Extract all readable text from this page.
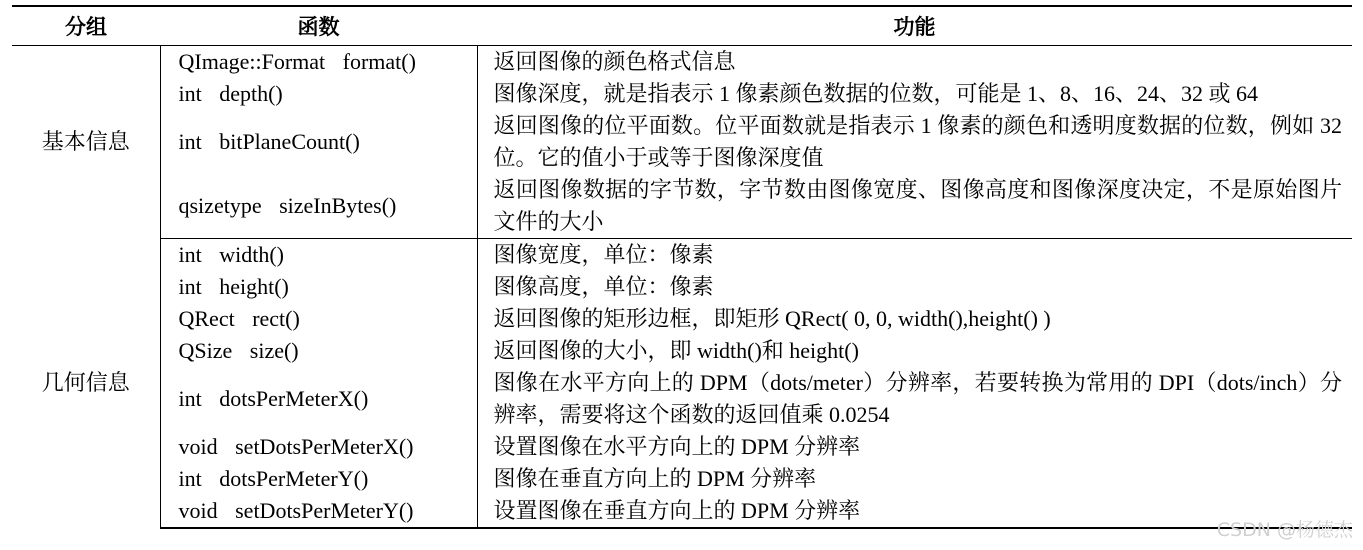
分组	函数	功能
基本信息	QImage::Format format()	返回图像的颜色格式信息
	int depth()	图像深度，就是指表示 1 像素颜色数据的位数，可能是 1、8、16、24、32 或 64
	int bitPlaneCount()	返回图像的位平面数。位平面数就是指表示 1 像素的颜色和透明度数据的位数，例如 32 位。它的值小于或等于图像深度值
	qsizetype sizeInBytes()	返回图像数据的字节数，字节数由图像宽度、图像高度和图像深度决定，不是原始图片文件的大小
几何信息	int width()	图像宽度，单位：像素
	int height()	图像高度，单位：像素
	QRect rect()	返回图像的矩形边框，即矩形 QRect( 0, 0, width(),height() )
	QSize size()	返回图像的大小，即 width()和 height()
	int dotsPerMeterX()	图像在水平方向上的 DPM（dots/meter）分辨率，若要转换为常用的 DPI（dots/inch）分辨率，需要将这个函数的返回值乘 0.0254
	void setDotsPerMeterX()	设置图像在水平方向上的 DPM 分辨率
	int dotsPerMeterY()	图像在垂直方向上的 DPM 分辨率
	void setDotsPerMeterY()	设置图像在垂直方向上的 DPM 分辨率
CSDN @杨德杰
